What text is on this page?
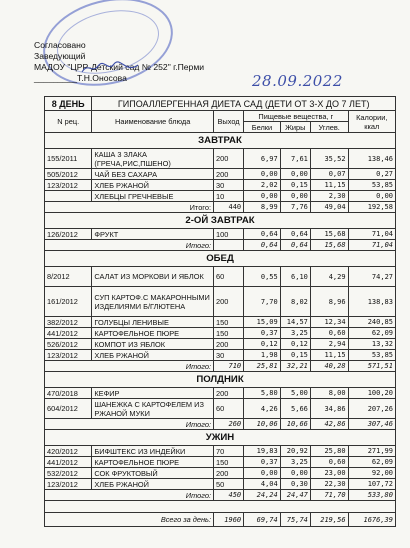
Согласовано
Заведующий
МАДОУ "ЦРР-Детский сад № 252" г.Перми
_________Т.Н.Оносова	28.09.2022
8 ДЕНЬ	ГИПОАЛЛЕРГЕННАЯ ДИЕТА САД (ДЕТИ ОТ 3-Х ДО 7 ЛЕТ)					
N рец.	Наименование блюда	Выход	Пищевые вещества, г			Калории, ккал
			Белки	Жиры	Углев.	
ЗАВТРАК						
155/2011	КАША 3 ЗЛАКА (ГРЕЧА,РИС,ПШЕНО)	200	6,97	7,61	35,52	138,46
505/2012	ЧАЙ БЕЗ САХАРА	200	0,00	0,00	0,07	0,27
123/2012	ХЛЕБ РЖАНОЙ	30	2,02	0,15	11,15	53,85
	ХЛЕБЦЫ ГРЕЧНЕВЫЕ	10	0,00	0,00	2,30	0,00
Итого:		440	8,99	7,76	49,04	192,58
2-ОЙ ЗАВТРАК						
126/2012	ФРУКТ	100	0,64	0,64	15,68	71,04
Итого:			0,64	0,64	15,68	71,04
ОБЕД						
8/2012	САЛАТ ИЗ МОРКОВИ И ЯБЛОК	60	0,55	6,10	4,29	74,27
161/2012	СУП КАРТОФ.С МАКАРОННЫМИ ИЗДЕЛИЯМИ Б/ГЛЮТЕНА	200	7,70	8,02	8,96	138,83
382/2012	ГОЛУБЦЫ ЛЕНИВЫЕ	150	15,09	14,57	12,34	240,85
441/2012	КАРТОФЕЛЬНОЕ ПЮРЕ	150	0,37	3,25	0,60	62,09
526/2012	КОМПОТ ИЗ ЯБЛОК	200	0,12	0,12	2,94	13,32
123/2012	ХЛЕБ РЖАНОЙ	30	1,98	0,15	11,15	53,85
Итого:		710	25,81	32,21	40,28	571,51
ПОЛДНИК						
470/2018	КЕФИР	200	5,80	5,00	8,00	100,20
604/2012	ШАНЕЖКА С КАРТОФЕЛЕМ ИЗ РЖАНОЙ МУКИ	60	4,26	5,66	34,86	207,26
Итого:		260	10,06	10,66	42,86	307,46
УЖИН						
420/2012	БИФШТЕКС ИЗ ИНДЕЙКИ	70	19,83	20,92	25,80	271,99
441/2012	КАРТОФЕЛЬНОЕ ПЮРЕ	150	0,37	3,25	0,60	62,09
532/2012	СОК ФРУКТОВЫЙ	200	0,00	0,00	23,00	92,00
123/2012	ХЛЕБ РЖАНОЙ	50	4,04	0,30	22,30	107,72
Итого:		450	24,24	24,47	71,70	533,80

Всего за день:		1960	69,74	75,74	219,56	1676,39
